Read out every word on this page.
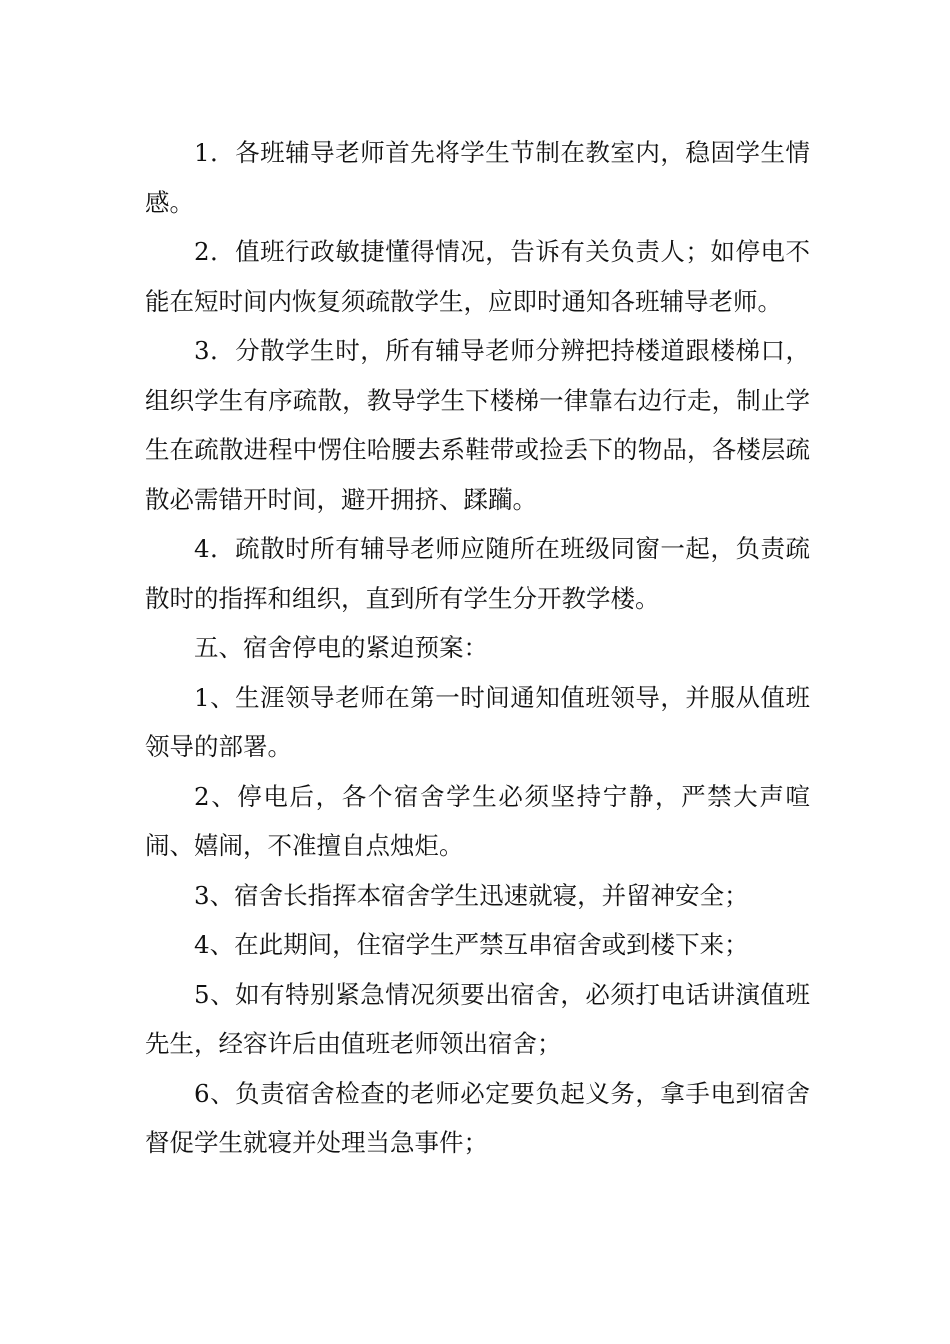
1．各班辅导老师首先将学生节制在教室内，稳固学生情感。

2．值班行政敏捷懂得情况，告诉有关负责人；如停电不能在短时间内恢复须疏散学生，应即时通知各班辅导老师。

3．分散学生时，所有辅导老师分辨把持楼道跟楼梯口，组织学生有序疏散，教导学生下楼梯一律靠右边行走，制止学生在疏散进程中愣住哈腰去系鞋带或捡丢下的物品，各楼层疏散必需错开时间，避开拥挤、蹂躏。

4．疏散时所有辅导老师应随所在班级同窗一起，负责疏散时的指挥和组织，直到所有学生分开教学楼。

五、宿舍停电的紧迫预案：

1、生涯领导老师在第一时间通知值班领导，并服从值班领导的部署。

2、停电后，各个宿舍学生必须坚持宁静，严禁大声喧闹、嬉闹，不准擅自点烛炬。

3、宿舍长指挥本宿舍学生迅速就寝，并留神安全；

4、在此期间，住宿学生严禁互串宿舍或到楼下来；

5、如有特别紧急情况须要出宿舍，必须打电话讲演值班先生，经容许后由值班老师领出宿舍；

6、负责宿舍检查的老师必定要负起义务，拿手电到宿舍督促学生就寝并处理当急事件；
